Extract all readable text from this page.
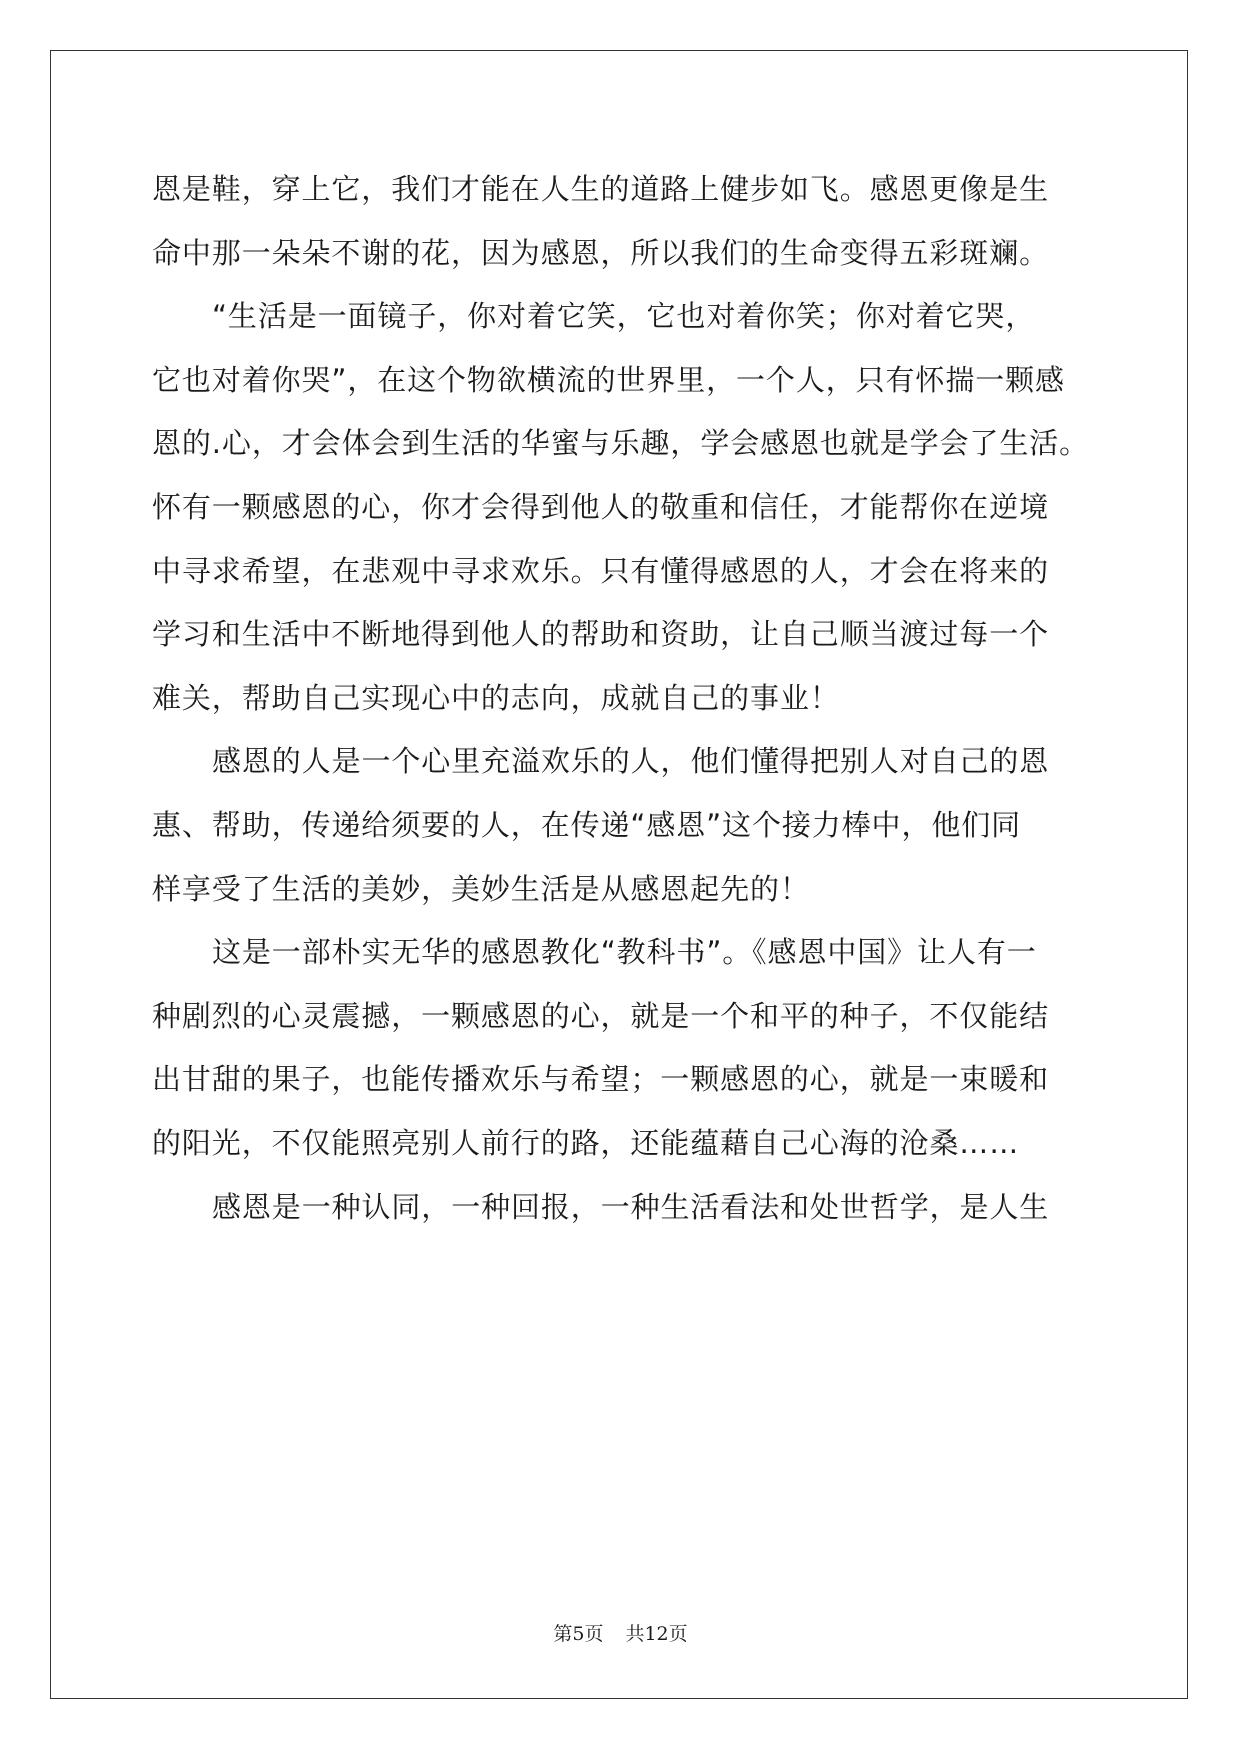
恩是鞋，穿上它，我们才能在人生的道路上健步如飞。感恩更像是生
命中那一朵朵不谢的花，因为感恩，所以我们的生命变得五彩斑斓。
“生活是一面镜子，你对着它笑，它也对着你笑；你对着它哭，
它也对着你哭”，在这个物欲横流的世界里，一个人，只有怀揣一颗感
恩的.心，才会体会到生活的华蜜与乐趣，学会感恩也就是学会了生活。
怀有一颗感恩的心，你才会得到他人的敬重和信任，才能帮你在逆境
中寻求希望，在悲观中寻求欢乐。只有懂得感恩的人，才会在将来的
学习和生活中不断地得到他人的帮助和资助，让自己顺当渡过每一个
难关，帮助自己实现心中的志向，成就自己的事业！
感恩的人是一个心里充溢欢乐的人，他们懂得把别人对自己的恩
惠、帮助，传递给须要的人，在传递“感恩”这个接力棒中，他们同
样享受了生活的美妙，美妙生活是从感恩起先的！
这是一部朴实无华的感恩教化“教科书”。《感恩中国》让人有一
种剧烈的心灵震撼，一颗感恩的心，就是一个和平的种子，不仅能结
出甘甜的果子，也能传播欢乐与希望；一颗感恩的心，就是一束暖和
的阳光，不仅能照亮别人前行的路，还能蕴藉自己心海的沧桑……
感恩是一种认同，一种回报，一种生活看法和处世哲学，是人生
第5页 共12页
